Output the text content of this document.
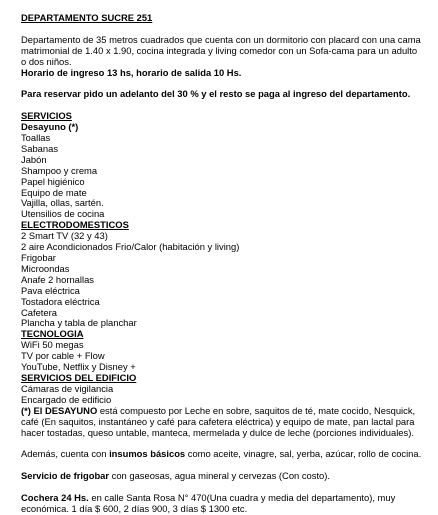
DEPARTAMENTO SUCRE 251

Departamento de 35 metros cuadrados que cuenta con un dormitorio con placard con una cama matrimonial de 1.40 x 1.90, cocina integrada y living comedor con un Sofa-cama para un adulto o dos niños.

Horario de ingreso 13 hs, horario de salida 10 Hs.

Para reservar pido un adelanto del 30 % y el resto se paga al ingreso del departamento.

SERVICIOS

Desayuno (*)

Toallas
Sabanas
Jabón
Shampoo y crema
Papel higiénico
Equipo de mate
Vajilla, ollas, sartén.
Utensilios de cocina

ELECTRODOMESTICOS

2 Smart TV (32 y 43)
2 aire Acondicionados Frio/Calor (habitación y living)
Frigobar
Microondas
Anafe 2 hornallas
Pava eléctrica
Tostadora eléctrica
Cafetera
Plancha y tabla de planchar

TECNOLOGIA

WiFi 50 megas
TV por cable + Flow
YouTube, Netflix y Disney +

SERVICIOS DEL EDIFICIO

Cámaras de vigilancia
Encargado de edificio

(*) El DESAYUNO está compuesto por Leche en sobre, saquitos de té, mate cocido, Nesquick, café (En saquitos, instantáneo y café para cafetera eléctrica) y equipo de mate, pan lactal para hacer tostadas, queso untable, manteca, mermelada y dulce de leche (porciones individuales).

Además, cuenta con insumos básicos como aceite, vinagre, sal, yerba, azúcar, rollo de cocina.

Servicio de frigobar con gaseosas, agua mineral y cervezas (Con costo).

Cochera 24 Hs. en calle Santa Rosa N° 470(Una cuadra y media del departamento), muy económica. 1 día $ 600, 2 días 900, 3 días $ 1300 etc.
